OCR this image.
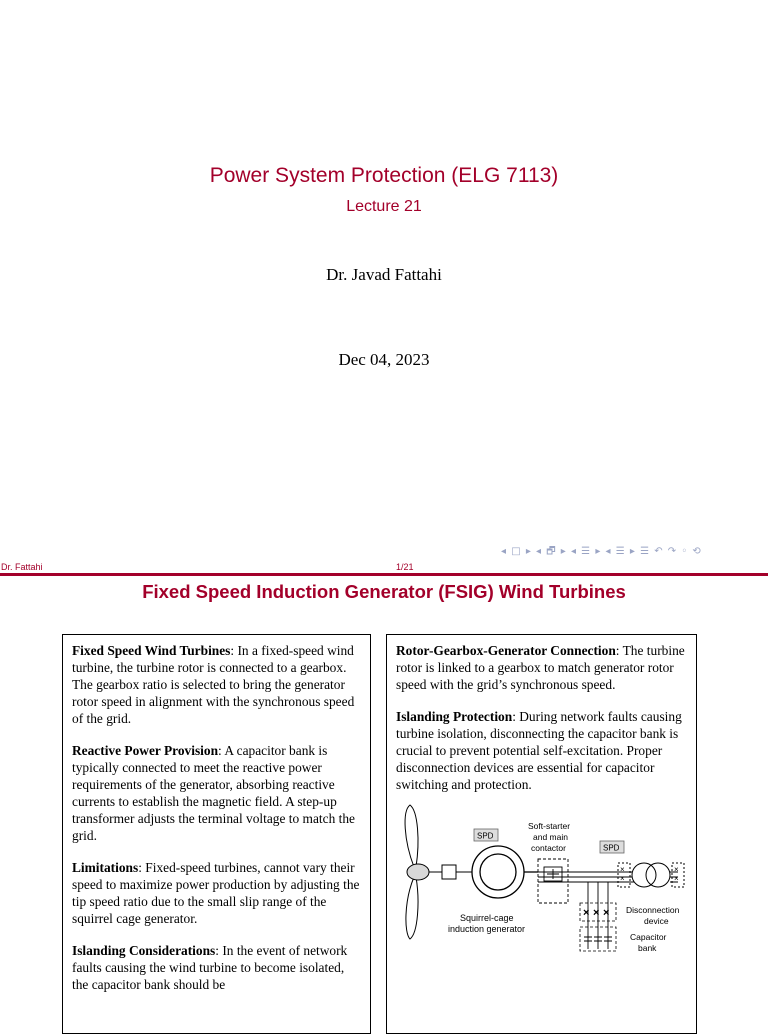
Power System Protection (ELG 7113)
Lecture 21
Dr. Javad Fattahi
Dec 04, 2023
◂ □ ▸ ◂ 🗗 ▸ ◂ ☰ ▸ ◂ ☰ ▸ ☰ ↶ ↷ ◦ ⟲
Dr. Fattahi	1/21
Fixed Speed Induction Generator (FSIG) Wind Turbines

Fixed Speed Wind Turbines: In a fixed-speed wind turbine, the turbine rotor is connected to a gearbox. The gearbox ratio is selected to bring the generator rotor speed in alignment with the synchronous speed of the grid.

Reactive Power Provision: A capacitor bank is typically connected to meet the reactive power requirements of the generator, absorbing reactive currents to establish the magnetic field. A step-up transformer adjusts the terminal voltage to match the grid.

Limitations: Fixed-speed turbines, cannot vary their speed to maximize power production by adjusting the tip speed ratio due to the small slip range of the squirrel cage generator.

Islanding Considerations: In the event of network faults causing the wind turbine to become isolated, the capacitor bank should be

Rotor-Gearbox-Generator Connection: The turbine rotor is linked to a gearbox to match generator rotor speed with the grid’s synchronous speed.

Islanding Protection: During network faults causing turbine isolation, disconnecting the capacitor bank is crucial to prevent potential self-excitation. Proper disconnection devices are essential for capacitor switching and protection.

Squirrel-cage
induction generator
SPD
Soft-starter
and main
contactor
× × × Disconnection
device
Capacitor
bank
SPD
×
×
×
×
